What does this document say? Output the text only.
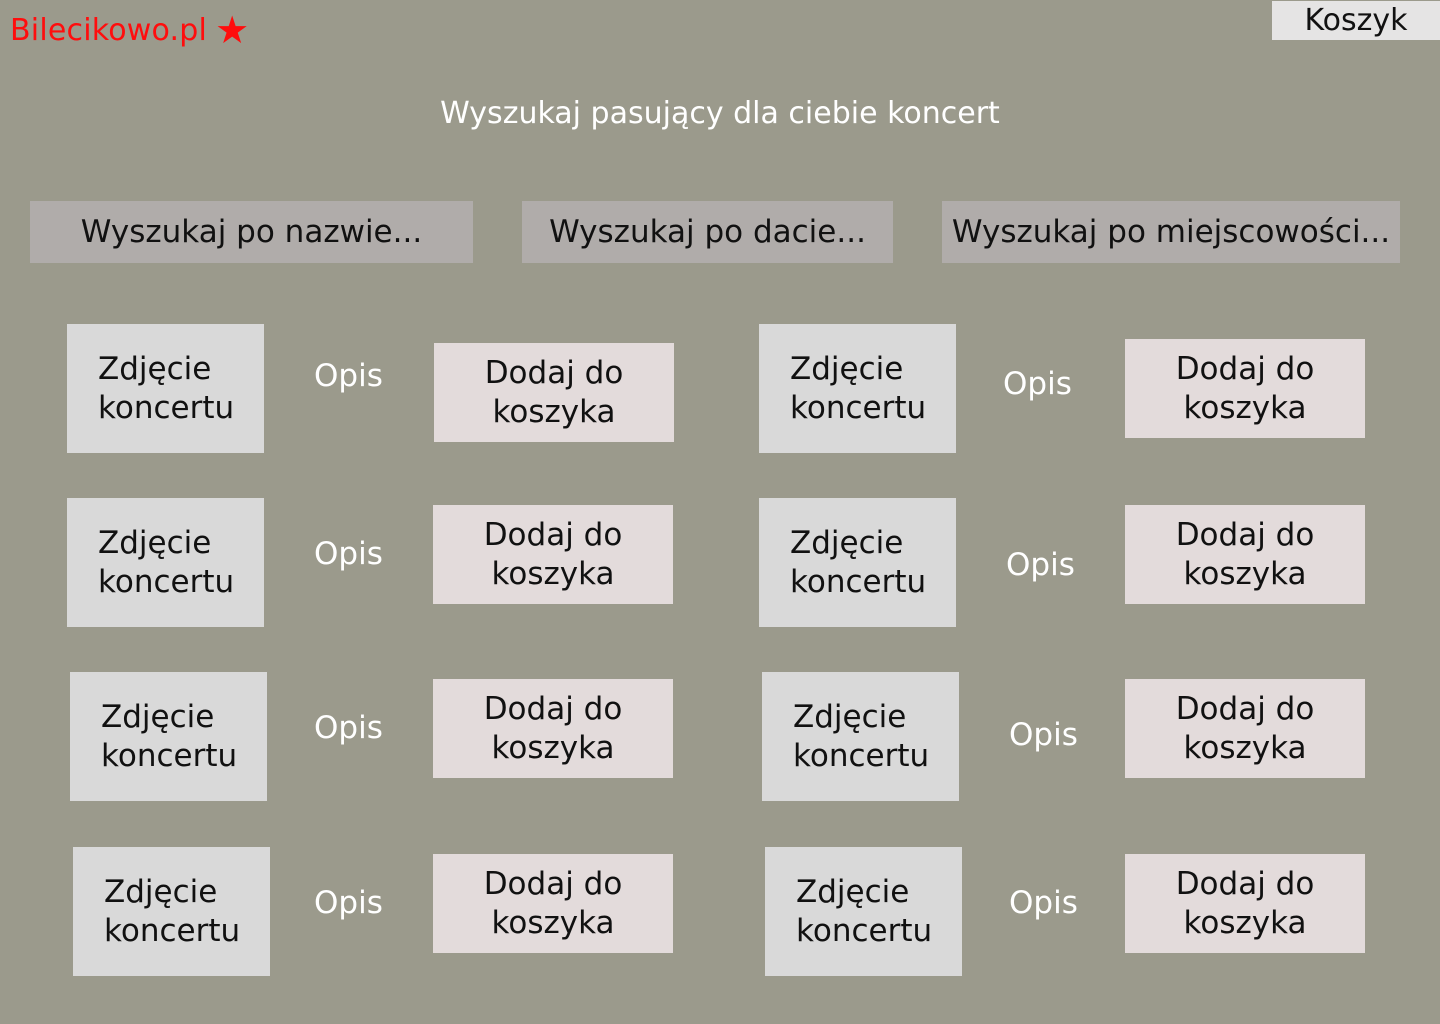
Bilecikowo.pl ★	Koszyk
Wyszukaj pasujący dla ciebie koncert
Wyszukaj po nazwie...	Wyszukaj po dacie...	Wyszukaj po miejscowości...
Zdjęcie
koncertu
Opis	Dodaj do
koszyka
Zdjęcie
koncertu
Opis
Dodaj do
koszyka
Zdjęcie
koncertu
Opis
Dodaj do
koszyka
Zdjęcie
koncertu
Opis
Dodaj do
koszyka
Zdjęcie
koncertu
Opis	Dodaj do
koszyka
Zdjęcie
koncertu	Opis
Dodaj do
koszyka
Zdjęcie
koncertu
Opis
Dodaj do
koszyka
Zdjęcie
koncertu
Opis
Dodaj do
koszyka
